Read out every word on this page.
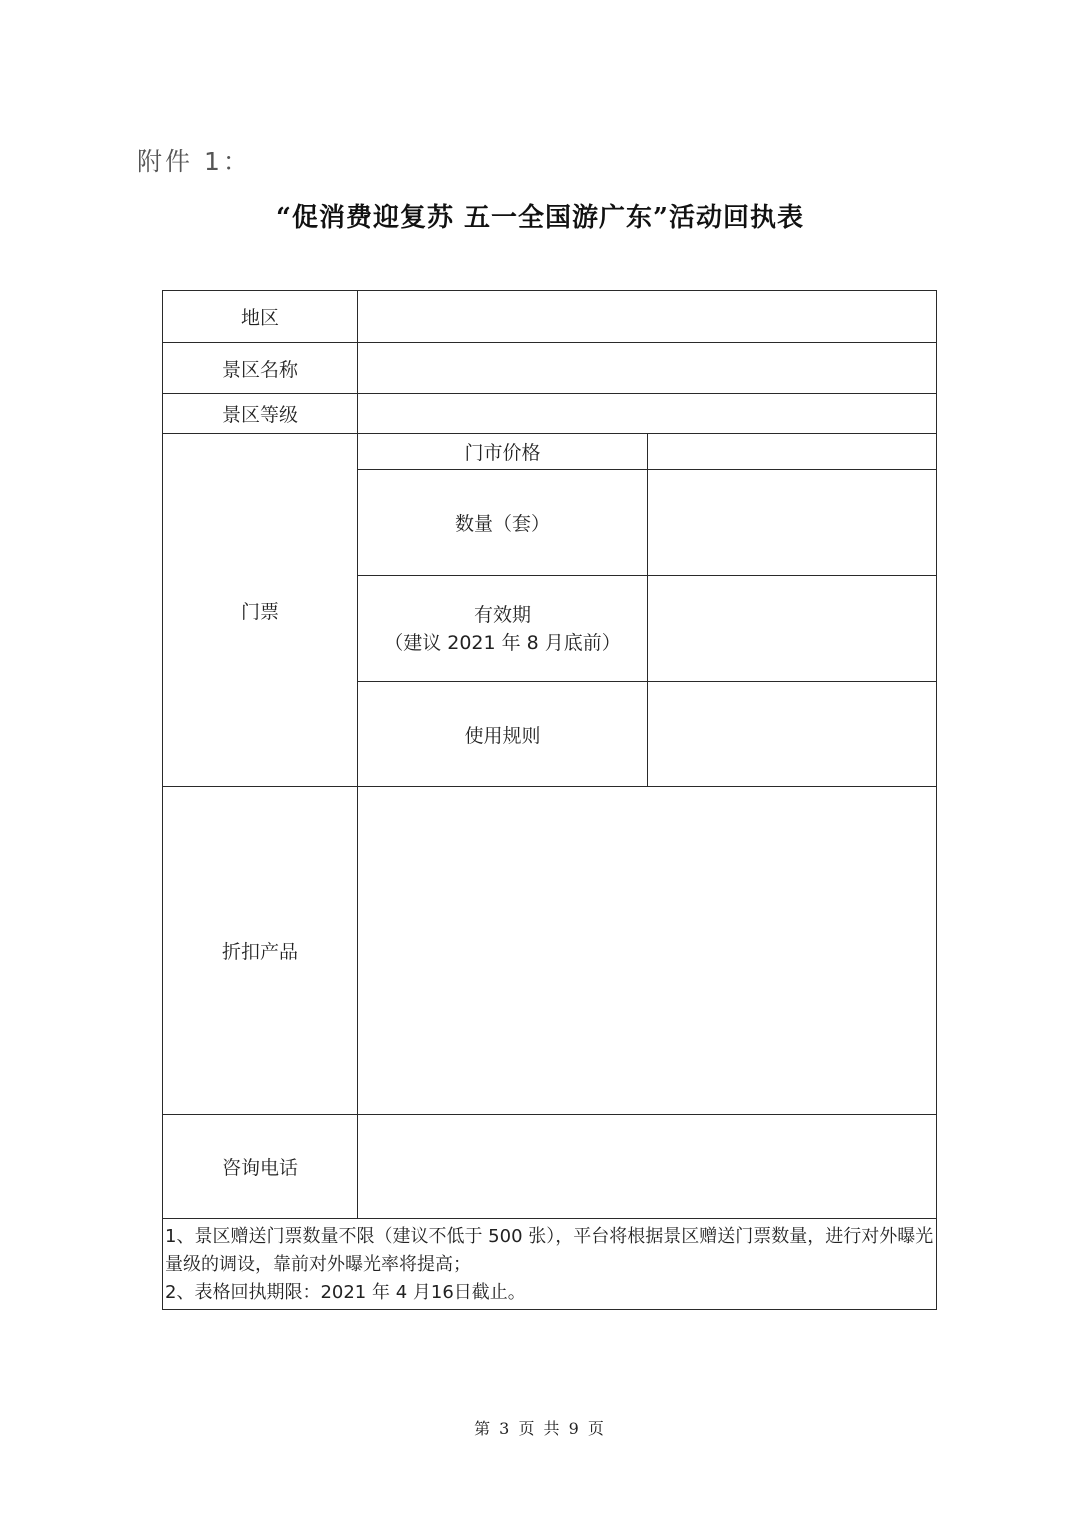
附件 1：
“促消费迎复苏 五一全国游广东”活动回执表
地区		
景区名称		
景区等级		
门票	门市价格	
	数量（套）	

	有效期
（建议 2021 年 8 月底前）	

	使用规则	
折扣产品		
咨询电话		

1、景区赠送门票数量不限（建议不低于 500 张），平台将根据景区赠送门票数量，进行对外曝光量级的调设，靠前对外曝光率将提高；
2、表格回执期限：2021 年 4 月16日截止。		
第 3 页 共 9 页
